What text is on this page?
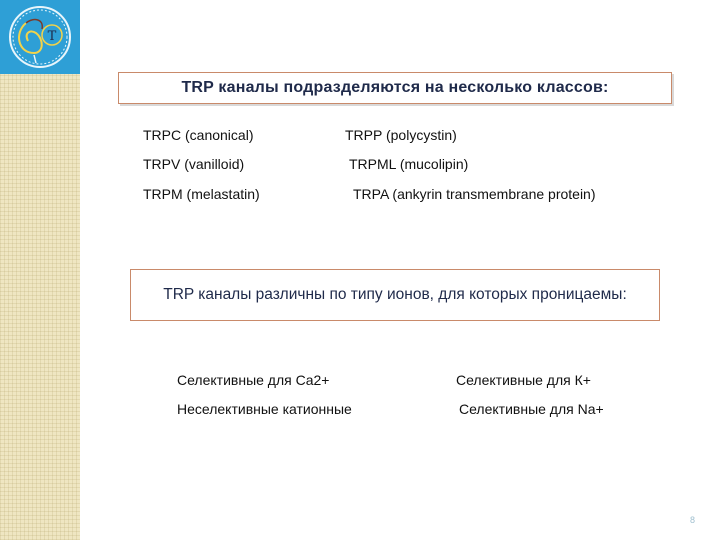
Т
TRP каналы подразделяются на несколько классов:
TRPC (canonical)	TRPP (polycystin)
TRPV (vanilloid)	TRPML (mucolipin)
TRPM (melastatin)	TRPA (ankyrin transmembrane protein)
TRP каналы различны по типу ионов, для которых проницаемы:
Селективные для Ca2+	Селективные для К+
Неселективные катионные	Селективные для Na+
8
